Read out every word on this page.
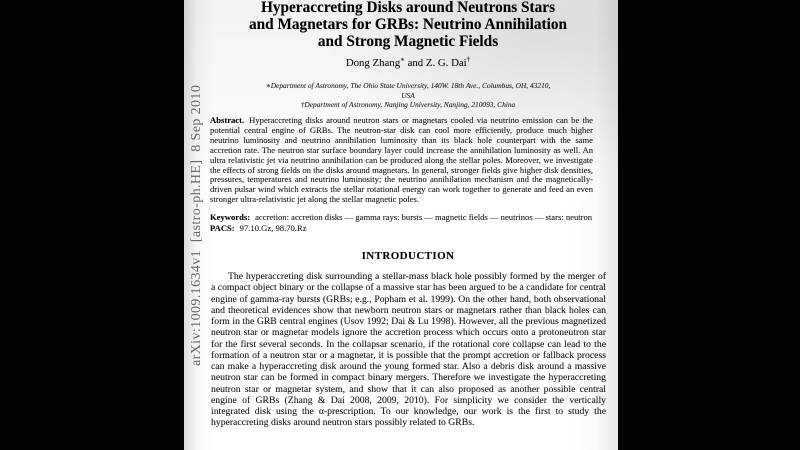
arXiv:1009.1634v1  [astro-ph.HE]  8 Sep 2010
Hyperaccreting Disks around Neutrons Stars
and Magnetars for GRBs: Neutrino Annihilation
and Strong Magnetic Fields
Dong Zhang∗ and Z. G. Dai†
∗Department of Astronomy, The Ohio State University, 140W. 18th Ave., Columbus, OH, 43210, USA
†Department of Astronomy, Nanjing University, Nanjing, 210093, China

Abstract. Hyperaccreting disks around neutron stars or magnetars cooled via neutrino emission can be the potential central engine of GRBs. The neutron-star disk can cool more efficiently, produce much higher neutrino luminosity and neutrino annihilation luminosity than its black hole counterpart with the same accretion rate. The neutron star surface boundary layer could increase the annihilation luminosity as well. An ultra relativistic jet via neutrino annihilation can be produced along the stellar poles. Moreover, we investigate the effects of strong fields on the disks around magnetars. In general, stronger fields give higher disk densities, pressures, temperatures and neutrino luminosity; the neutrino annihilation mechanism and the magnetically-driven pulsar wind which extracts the stellar rotational energy can work together to generate and feed an even stronger ultra-relativistic jet along the stellar magnetic poles.

Keywords: accretion: accretion disks — gamma rays: bursts — magnetic fields — neutrinos — stars: neutron

PACS: 97.10.Gz, 98.70.Rz

INTRODUCTION

The hyperaccreting disk surrounding a stellar-mass black hole possibly formed by the merger of a compact object binary or the collapse of a massive star has been argued to be a candidate for central engine of gamma-ray bursts (GRBs; e.g., Popham et al. 1999). On the other hand, both observational and theoretical evidences show that newborn neutron stars or magnetars rather than black holes can form in the GRB central engines (Usov 1992; Dai & Lu 1998). However, all the previous magnetized neutron star or magnetar models ignore the accretion process which occurs onto a protoneutron star for the first several seconds. In the collapsar scenario, if the rotational core collapse can lead to the formation of a neutron star or a magnetar, it is possible that the prompt accretion or fallback process can make a hyperaccreting disk around the young formed star. Also a debris disk around a massive neutron star can be formed in compact binary mergers. Therefore we investigate the hyperaccreting neutron star or magnetar system, and show that it can also proposed as another possible central engine of GRBs (Zhang & Dai 2008, 2009, 2010). For simplicity we consider the vertically integrated disk using the α-prescription. To our knowledge, our work is the first to study the hyperaccreting disks around neutron stars possibly related to GRBs.
